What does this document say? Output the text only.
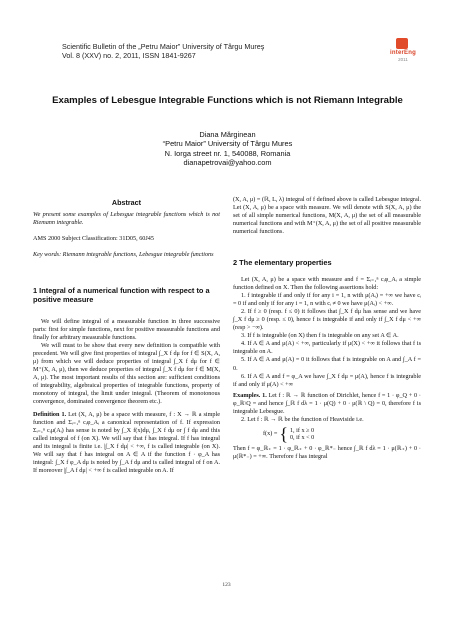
Scientific Bulletin of the „Petru Maior” University of Târgu Mureş
Vol. 8 (XXV) no. 2, 2011, ISSN 1841-9267	interEng
2011
Examples of Lebesgue Integrable Functions which is not Riemann Integrable
Diana Mărginean
“Petru Maior” University of Târgu Mures
N. Iorga street nr. 1, 540088, Romania
dianapetrovai@yahoo.com
Abstract

We present some examples of Lebesgue integrable functions which is not Riemann integrable.

AMS 2000 Subject Classification: 31D05, 60J45

Key words: Riemann integrable functions, Lebesgue integrable functions

1 Integral of a numerical function with respect to a positive measure

We will define integral of a measurable function in three successive parts: first for simple functions, next for positive measurable functions and finally for arbitrary measurable functions.

We will must to be show that every new definition is compatible with precedent. We will give first properties of integral ∫_X f dμ for f ∈ S(X, A, μ) from which we will deduce properties of integral ∫_X f dμ for f ∈ M⁺(X, A, μ), then we deduce properties of integral ∫_X f dμ for f ∈ M(X, A, μ). The most important results of this section are: sufficient conditions of integrability, algebraical properties of integrable functions, property of monotony of integral, the limit under integral. (Theorem of monotonous convergence, dominated convergence theorem etc.).

Definition 1. Let (X, A, μ) be a space with measure, f : X → ℝ a simple function and Σᵢ₌₁ⁿ cᵢφ_Aᵢ a canonical representation of f. If expression Σᵢ₌₁ⁿ cᵢμ(Aᵢ) has sense is noted by ∫_X f(x)dμ, ∫_X f dμ or ∫ f dμ and this called integral of f (on X). We will say that f has integral. If f has integral and its integral is finite i.e. |∫_X f dμ| < +∞, f is called integrable (on X). We will say that f has integral on A ∈ A if the function f · φ_A has integral: ∫_X f φ_A dμ is noted by ∫_A f dμ and is called integral of f on A. If moreover |∫_A f dμ| < +∞ f is called integrable on A. If

(X, A, μ) = (ℝ, L, λ) integral of f defined above is called Lebesgue integral. Let (X, A, μ) be a space with measure. We will denote with S(X, A, μ) the set of all simple numerical functions, M(X, A, μ) the set of all measurable numerical functions and with M⁺(X, A, μ) the set of all positive measurable numerical functions.

2 The elementary properties

Let (X, A, μ) be a space with measure and f = Σᵢ₌₁ⁿ cᵢφ_Aᵢ a simple function defined on X. Then the following assertions hold:

1. f integrable if and only if for any i = 1, n with μ(Aᵢ) = +∞ we have cᵢ = 0 if and only if for any i = 1, n with cᵢ ≠ 0 we have μ(Aᵢ) < +∞.

2. If f ≥ 0 (resp. f ≤ 0) it follows that ∫_X f dμ has sense and we have ∫_X f dμ ≥ 0 (resp. ≤ 0), hence f is integrable if and only if ∫_X f dμ < +∞ (resp > −∞).

3. If f is integrable (on X) then f is integrable on any set A ∈ A.

4. If A ∈ A and μ(A) < +∞, particularly if μ(X) < +∞ it follows that f is integrable on A.

5. If A ∈ A and μ(A) = 0 it follows that f is integrable on A and ∫_A f = 0.

6. If A ∈ A and f = φ_A we have ∫_X f dμ = μ(A), hence f is integrable if and only if μ(A) < +∞

Examples. 1. Let f : ℝ → ℝ function of Dirichlet, hence f = 1 · φ_Q + 0 · φ_ℝ\Q = and hence ∫_ℝ f dλ = 1 · μ(Q) + 0 · μ(ℝ \ Q) = 0, therefore f is integrable Lebesgue.

2. Let f : ℝ → ℝ be the function of Heaviside i.e.

f(x) = { 1, if x ≥ 0
0, if x < 0

Then f = φ_ℝ₊ = 1 · φ_ℝ₊ + 0 · φ_ℝ*₋ hence ∫_ℝ f dλ = 1 · μ(ℝ₊) + 0 · μ(ℝ*₋) = +∞. Therefore f has integral

123
